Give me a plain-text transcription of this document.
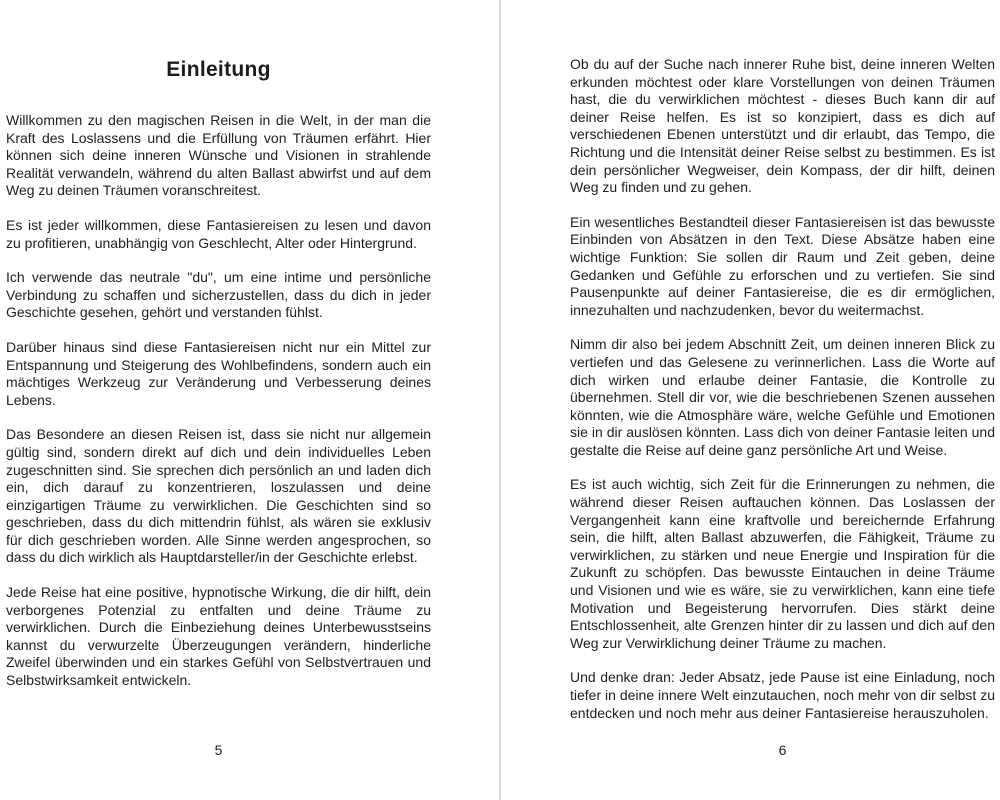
Einleitung

Willkommen zu den magischen Reisen in die Welt, in der man die Kraft des Loslassens und die Erfüllung von Träumen erfährt. Hier können sich deine inneren Wünsche und Visionen in strahlende Realität verwandeln, während du alten Ballast abwirfst und auf dem Weg zu deinen Träumen voranschreitest.

Es ist jeder willkommen, diese Fantasiereisen zu lesen und davon zu profitieren, unabhängig von Geschlecht, Alter oder Hintergrund.

Ich verwende das neutrale "du", um eine intime und persönliche Verbindung zu schaffen und sicherzustellen, dass du dich in jeder Geschichte gesehen, gehört und verstanden fühlst.

Darüber hinaus sind diese Fantasiereisen nicht nur ein Mittel zur Entspannung und Steigerung des Wohlbefindens, sondern auch ein mächtiges Werkzeug zur Veränderung und Verbesserung deines Lebens.

Das Besondere an diesen Reisen ist, dass sie nicht nur allgemein gültig sind, sondern direkt auf dich und dein individuelles Leben zugeschnitten sind. Sie sprechen dich persönlich an und laden dich ein, dich darauf zu konzentrieren, loszulassen und deine einzigartigen Träume zu verwirklichen. Die Geschichten sind so geschrieben, dass du dich mittendrin fühlst, als wären sie exklusiv für dich geschrieben worden. Alle Sinne werden angesprochen, so dass du dich wirklich als Hauptdarsteller/in der Geschichte erlebst.

Jede Reise hat eine positive, hypnotische Wirkung, die dir hilft, dein verborgenes Potenzial zu entfalten und deine Träume zu verwirklichen. Durch die Einbeziehung deines Unterbewusstseins kannst du verwurzelte Überzeugungen verändern, hinderliche Zweifel überwinden und ein starkes Gefühl von Selbstvertrauen und Selbstwirksamkeit entwickeln.

5

Ob du auf der Suche nach innerer Ruhe bist, deine inneren Welten erkunden möchtest oder klare Vorstellungen von deinen Träumen hast, die du verwirklichen möchtest - dieses Buch kann dir auf deiner Reise helfen. Es ist so konzipiert, dass es dich auf verschiedenen Ebenen unterstützt und dir erlaubt, das Tempo, die Richtung und die Intensität deiner Reise selbst zu bestimmen. Es ist dein persönlicher Wegweiser, dein Kompass, der dir hilft, deinen Weg zu finden und zu gehen.

Ein wesentliches Bestandteil dieser Fantasiereisen ist das bewusste Einbinden von Absätzen in den Text. Diese Absätze haben eine wichtige Funktion: Sie sollen dir Raum und Zeit geben, deine Gedanken und Gefühle zu erforschen und zu vertiefen. Sie sind Pausenpunkte auf deiner Fantasiereise, die es dir ermöglichen, innezuhalten und nachzudenken, bevor du weitermachst.

Nimm dir also bei jedem Abschnitt Zeit, um deinen inneren Blick zu vertiefen und das Gelesene zu verinnerlichen. Lass die Worte auf dich wirken und erlaube deiner Fantasie, die Kontrolle zu übernehmen. Stell dir vor, wie die beschriebenen Szenen aussehen könnten, wie die Atmosphäre wäre, welche Gefühle und Emotionen sie in dir auslösen könnten. Lass dich von deiner Fantasie leiten und gestalte die Reise auf deine ganz persönliche Art und Weise.

Es ist auch wichtig, sich Zeit für die Erinnerungen zu nehmen, die während dieser Reisen auftauchen können. Das Loslassen der Vergangenheit kann eine kraftvolle und bereichernde Erfahrung sein, die hilft, alten Ballast abzuwerfen, die Fähigkeit, Träume zu verwirklichen, zu stärken und neue Energie und Inspiration für die Zukunft zu schöpfen. Das bewusste Eintauchen in deine Träume und Visionen und wie es wäre, sie zu verwirklichen, kann eine tiefe Motivation und Begeisterung hervorrufen. Dies stärkt deine Entschlossenheit, alte Grenzen hinter dir zu lassen und dich auf den Weg zur Verwirklichung deiner Träume zu machen.

Und denke dran: Jeder Absatz, jede Pause ist eine Einladung, noch tiefer in deine innere Welt einzutauchen, noch mehr von dir selbst zu entdecken und noch mehr aus deiner Fantasiereise herauszuholen.

6
